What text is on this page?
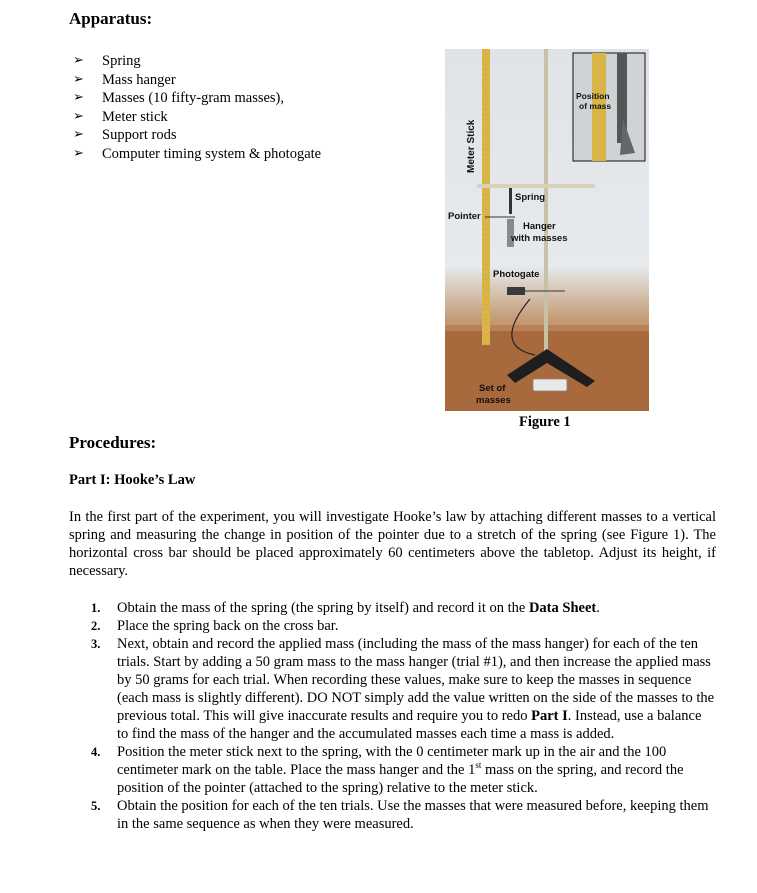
Apparatus:
➢ Spring
➢ Mass hanger
➢ Masses (10 fifty-gram masses),
➢ Meter stick
➢ Support rods
➢ Computer timing system & photogate	Meter Stick
Spring
Pointer
Hanger
with masses
Photogate
Set of
masses
Position
of mass
Figure 1
Procedures:
Part I: Hooke’s Law

In the first part of the experiment, you will investigate Hooke’s law by attaching different masses to a vertical spring and measuring the change in position of the pointer due to a stretch of the spring (see Figure 1). The horizontal cross bar should be placed approximately 60 centimeters above the tabletop. Adjust its height, if necessary.

1. Obtain the mass of the spring (the spring by itself) and record it on the Data Sheet.
2. Place the spring back on the cross bar.
3. Next, obtain and record the applied mass (including the mass of the mass hanger) for each of the ten trials. Start by adding a 50 gram mass to the mass hanger (trial #1), and then increase the applied mass by 50 grams for each trial. When recording these values, make sure to keep the masses in sequence (each mass is slightly different). DO NOT simply add the value written on the side of the masses to the previous total. This will give inaccurate results and require you to redo Part I. Instead, use a balance to find the mass of the hanger and the accumulated masses each time a mass is added.
4. Position the meter stick next to the spring, with the 0 centimeter mark up in the air and the 100 centimeter mark on the table. Place the mass hanger and the 1st mass on the spring, and record the position of the pointer (attached to the spring) relative to the meter stick.
5. Obtain the position for each of the ten trials. Use the masses that were measured before, keeping them in the same sequence as when they were measured.
